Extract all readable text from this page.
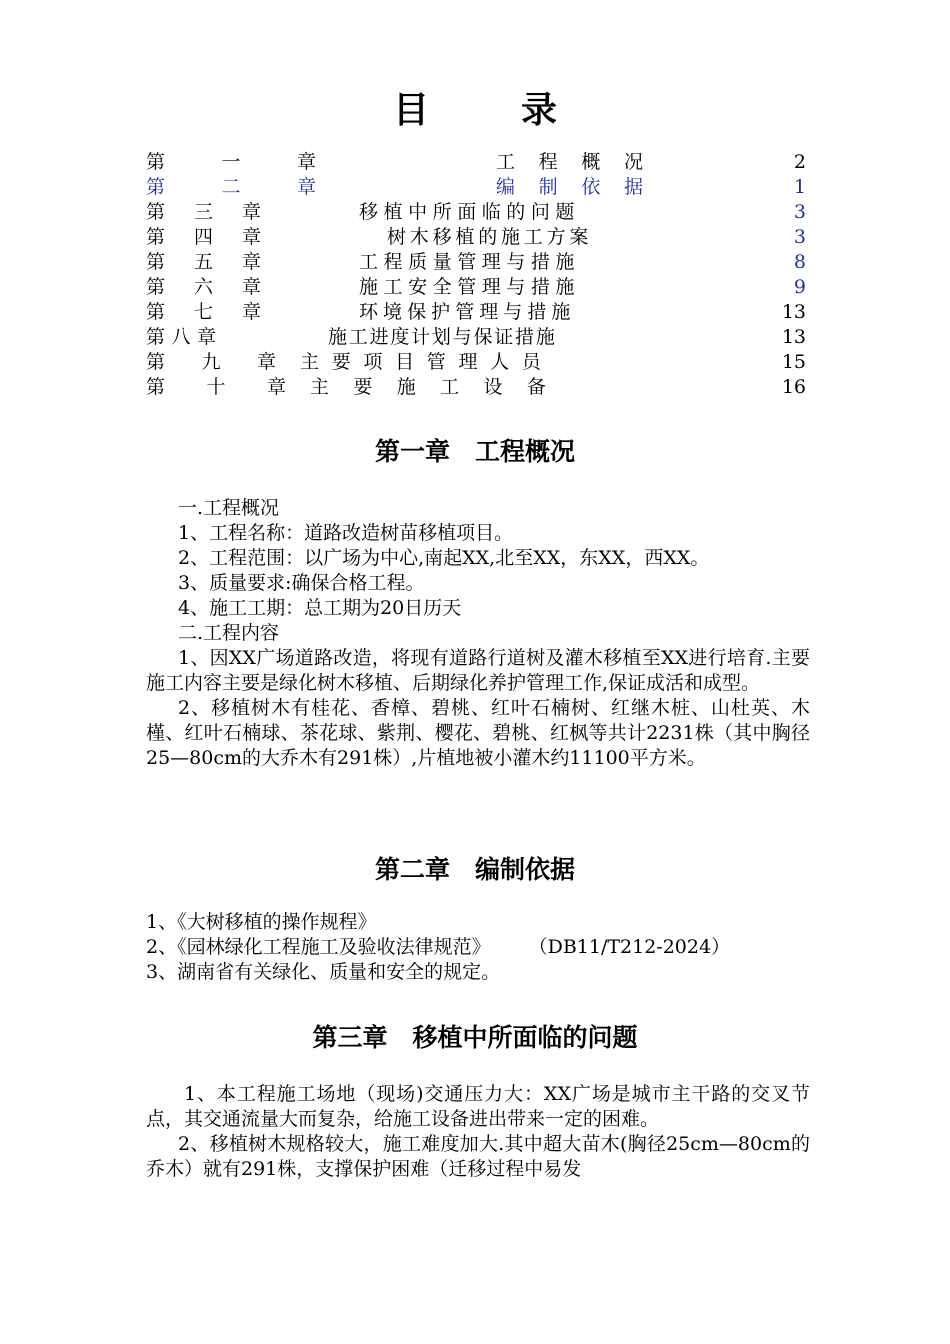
目　录
第	一	章	工 程 概 况	2
第	二	章	编 制 依 据	1
第 三 章	移 植 中 所 面 临 的 问 题	3
第 四 章	树 木 移 植 的 施 工 方 案	3
第 五 章	工 程 质 量 管 理 与 措 施	8
第 六 章	施 工 安 全 管 理 与 措 施	9
第 七 章	环 境 保 护 管 理 与 措 施	13
第 八 章	施 工 进 度 计 划 与 保 证 措 施	13
第 九 章 主 要 项 目 管 理 人 员	15
第 十 章 主 要 施 工 设 备	16
第一章　工程概况

一.工程概况

1、工程名称：道路改造树苗移植项目。

2、工程范围：以广场为中心,南起XX,北至XX，东XX，西XX。

3、质量要求:确保合格工程。

4、施工工期：总工期为20日历天

二.工程内容

1、因XX广场道路改造，将现有道路行道树及灌木移植至XX进行培育.主要施工内容主要是绿化树木移植、后期绿化养护管理工作,保证成活和成型。

2、移植树木有桂花、香樟、碧桃、红叶石楠树、红继木桩、山杜英、木槿、红叶石楠球、茶花球、紫荆、樱花、碧桃、红枫等共计2231株（其中胸径25—80cm的大乔木有291株）,片植地被小灌木约11100平方米。

第二章　编制依据

1、《大树移植的操作规程》

2、《园林绿化工程施工及验收法律规范》　　　（DB11/T212-2024）

3、湖南省有关绿化、质量和安全的规定。

第三章　移植中所面临的问题

1、本工程施工场地（现场)交通压力大：XX广场是城市主干路的交叉节点，其交通流量大而复杂，给施工设备进出带来一定的困难。

2、移植树木规格较大，施工难度加大.其中超大苗木(胸径25cm—80cm的乔木）就有291株，支撑保护困难（迁移过程中易发
